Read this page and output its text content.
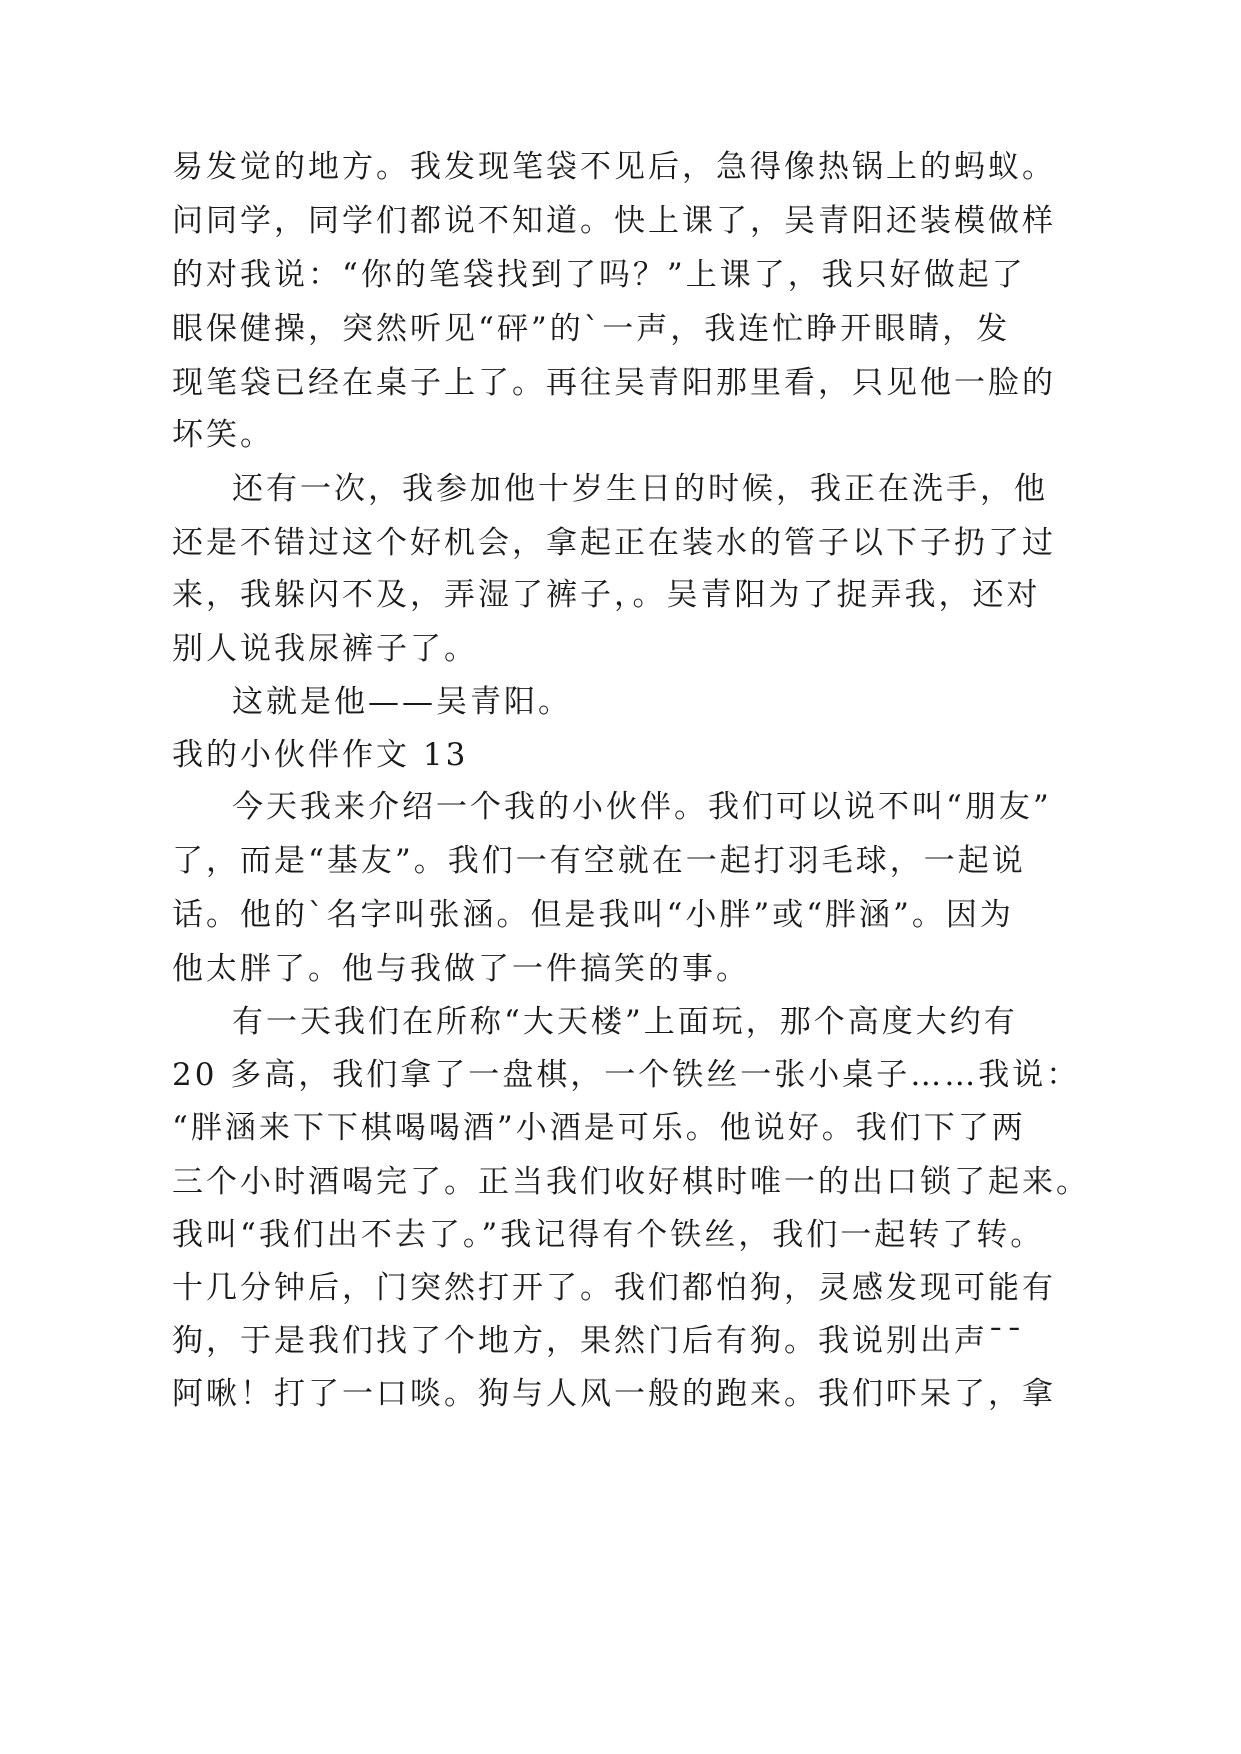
易发觉的地方。我发现笔袋不见后，急得像热锅上的蚂蚁。
问同学，同学们都说不知道。快上课了，吴青阳还装模做样
的对我说：“你的笔袋找到了吗？”上课了，我只好做起了
眼保健操，突然听见“砰”的`一声，我连忙睁开眼睛，发
现笔袋已经在桌子上了。再往吴青阳那里看，只见他一脸的
坏笑。
还有一次，我参加他十岁生日的时候，我正在洗手，他
还是不错过这个好机会，拿起正在装水的管子以下子扔了过
来，我躲闪不及，弄湿了裤子，。吴青阳为了捉弄我，还对
别人说我尿裤子了。
这就是他——吴青阳。
我的小伙伴作文 13
今天我来介绍一个我的小伙伴。我们可以说不叫“朋友”
了，而是“基友”。我们一有空就在一起打羽毛球，一起说
话。他的`名字叫张涵。但是我叫“小胖”或“胖涵”。因为
他太胖了。他与我做了一件搞笑的事。
有一天我们在所称“大天楼”上面玩，那个高度大约有
20 多高，我们拿了一盘棋，一个铁丝一张小桌子……我说：
“胖涵来下下棋喝喝酒”小酒是可乐。他说好。我们下了两
三个小时酒喝完了。正当我们收好棋时唯一的出口锁了起来。
我叫“我们出不去了。”我记得有个铁丝，我们一起转了转。
十几分钟后，门突然打开了。我们都怕狗，灵感发现可能有
狗，于是我们找了个地方，果然门后有狗。我说别出声¯¯
阿啾！打了一口啖。狗与人风一般的跑来。我们吓呆了，拿
